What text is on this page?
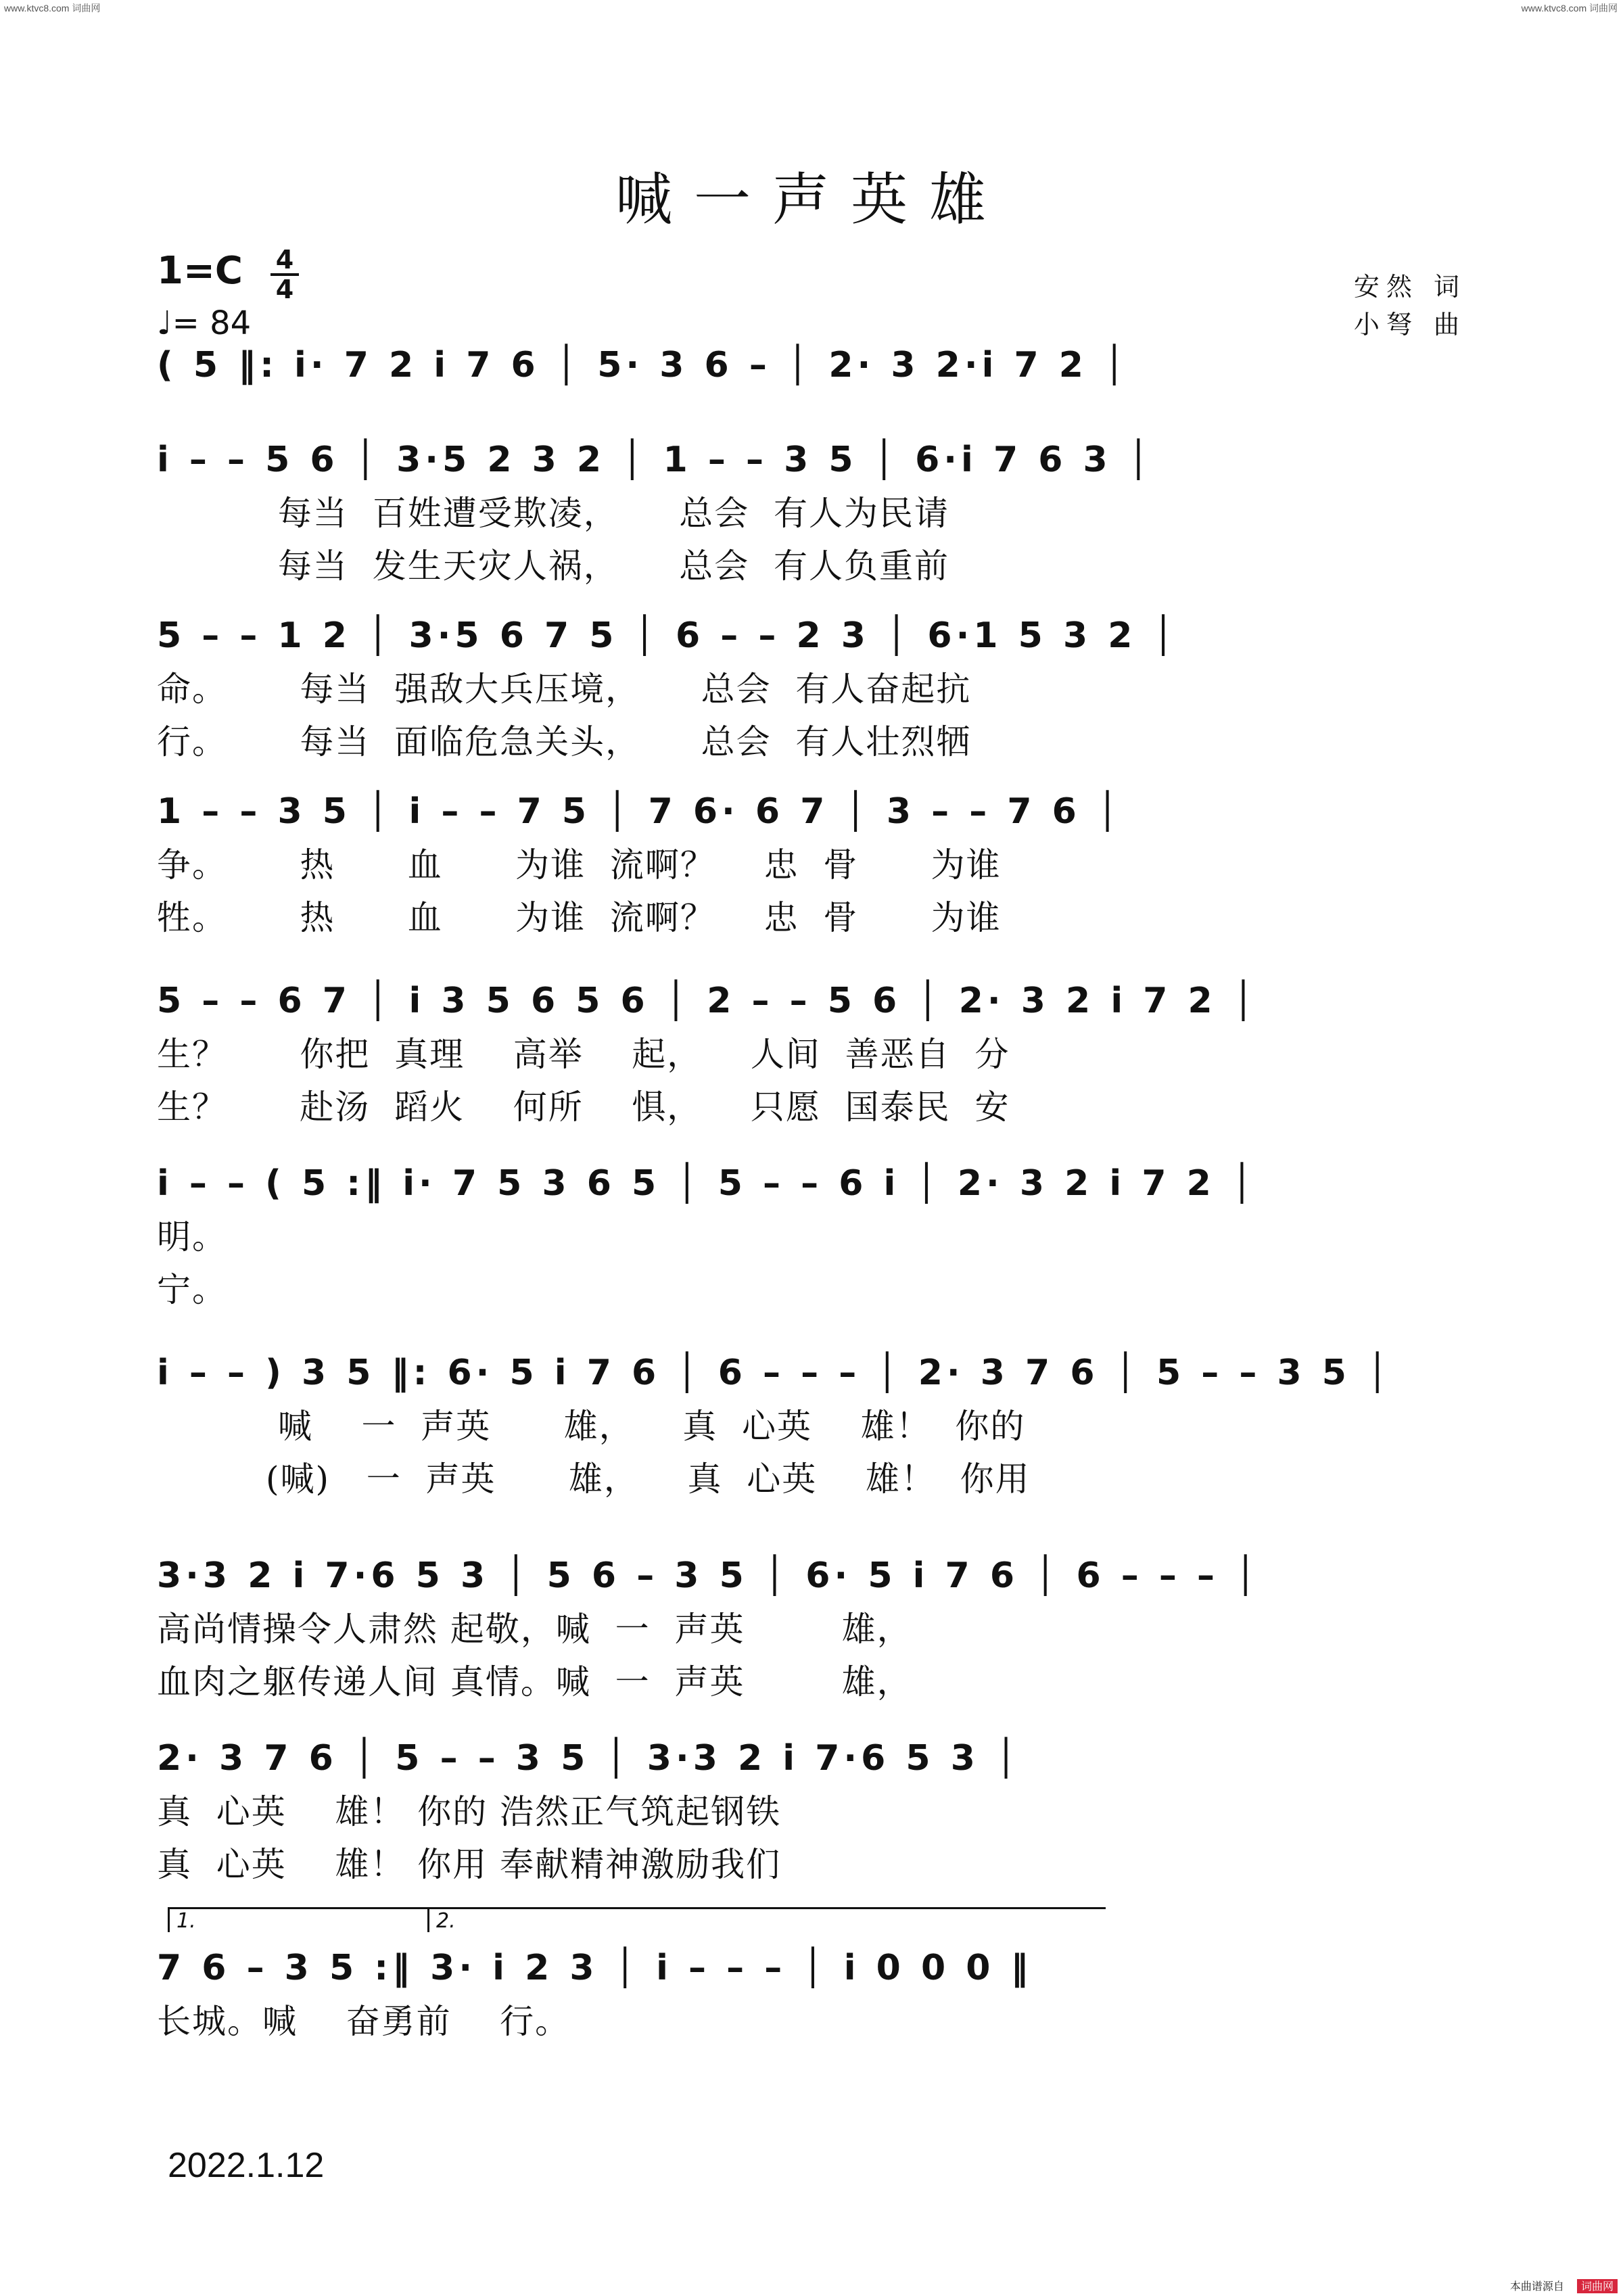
www.ktvc8.com 词曲网	www.ktvc8.com 词曲网
喊一声英雄
1=C 4
4
♩= 84
安然 词
小弩 曲
( 5 ‖: i· 7 2 i 7 6 │ 5· 3 6 – │ 2· 3 2·i 7 2 │
i – – 5 6 │ 3·5 2 3 2 │ 1 – – 3 5 │ 6·i 7 6 3 │
每当  百姓遭受欺凌，     总会  有人为民请
每当  发生天灾人祸，     总会  有人负重前
5 – – 1 2 │ 3·5 6 7 5 │ 6 – – 2 3 │ 6·1 5 3 2 │
命。      每当  强敌大兵压境，     总会  有人奋起抗
行。      每当  面临危急关头，     总会  有人壮烈牺
1 – – 3 5 │ i – – 7 5 │ 7 6· 6 7 │ 3 – – 7 6 │
争。      热      血      为谁  流啊？    忠  骨      为谁
牲。      热      血      为谁  流啊？    忠  骨      为谁
5 – – 6 7 │ i 3 5 6 5 6 │ 2 – – 5 6 │ 2· 3 2 i 7 2 │
生？      你把  真理    高举    起，    人间  善恶自  分
生？      赴汤  蹈火    何所    惧，    只愿  国泰民  安
i – – ( 5 :‖ i· 7 5 3 6 5 │ 5 – – 6 i │ 2· 3 2 i 7 2 │
明。
宁。
i – – ) 3 5 ‖: 6· 5 i 7 6 │ 6 – – – │ 2· 3 7 6 │ 5 – – 3 5 │
喊    一  声英      雄，    真  心英    雄！  你的
(喊)   一  声英      雄，    真  心英    雄！  你用
3·3 2 i 7·6 5 3 │ 5 6 – 3 5 │ 6· 5 i 7 6 │ 6 – – – │
高尚情操令人肃然 起敬，喊  一  声英        雄，
血肉之躯传递人间 真情。喊  一  声英        雄，
2· 3 7 6 │ 5 – – 3 5 │ 3·3 2 i 7·6 5 3 │
真  心英    雄！ 你的 浩然正气筑起钢铁
真  心英    雄！ 你用 奉献精神激励我们
7 6 – 3 5 :‖ 3· i 2 3 │ i – – – │ i 0 0 0 ‖
长城。喊    奋勇前    行。
1.	2.
2022.1.12
本曲谱源自 词曲网
